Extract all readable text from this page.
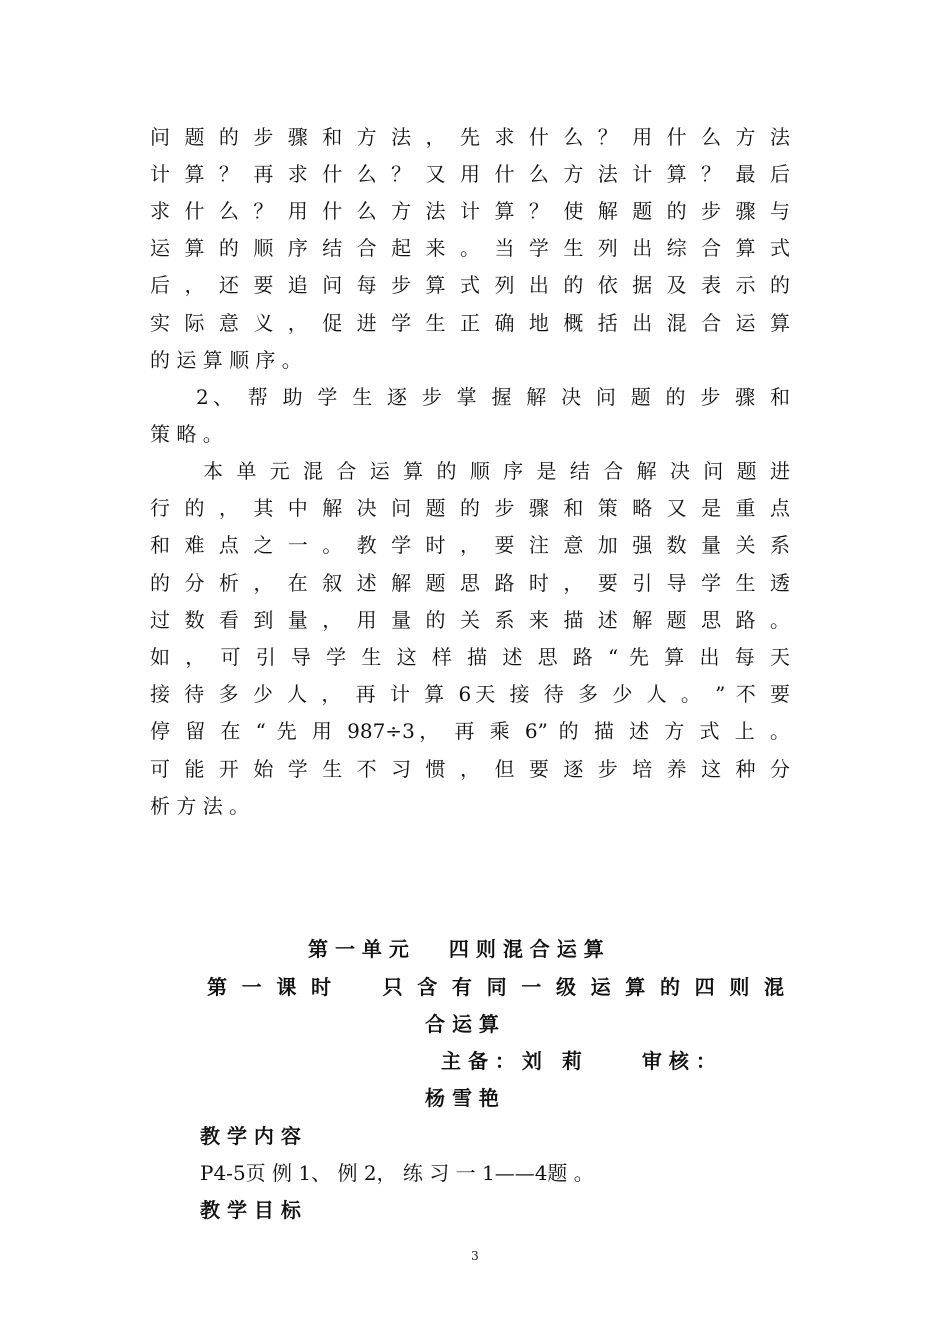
问 题 的 步 骤 和 方 法 ， 先 求 什 么 ？ 用 什 么 方 法
计 算 ？ 再 求 什 么 ？ 又 用 什 么 方 法 计 算 ？ 最 后
求 什 么 ？ 用 什 么 方 法 计 算 ？ 使 解 题 的 步 骤 与
运 算 的 顺 序 结 合 起 来 。 当 学 生 列 出 综 合 算 式
后 ， 还 要 追 问 每 步 算 式 列 出 的 依 据 及 表 示 的
实 际 意 义 ， 促 进 学 生 正 确 地 概 括 出 混 合 运 算
的 运 算 顺 序 。
2、 帮 助 学 生 逐 步 掌 握 解 决 问 题 的 步 骤 和
策 略 。
本 单 元 混 合 运 算 的 顺 序 是 结 合 解 决 问 题 进
行 的 ， 其 中 解 决 问 题 的 步 骤 和 策 略 又 是 重 点
和 难 点 之 一 。 教 学 时 ， 要 注 意 加 强 数 量 关 系
的 分 析 ， 在 叙 述 解 题 思 路 时 ， 要 引 导 学 生 透
过 数 看 到 量 ， 用 量 的 关 系 来 描 述 解 题 思 路 。
如 ， 可 引 导 学 生 这 样 描 述 思 路 “ 先 算 出 每 天
接 待 多 少 人 ， 再 计 算 6天 接 待 多 少 人 。 ” 不 要
停 留 在 “ 先 用 987÷3， 再 乘 6” 的 描 述 方 式 上 。
可 能 开 始 学 生 不 习 惯 ， 但 要 逐 步 培 养 这 种 分
析 方 法 。
第 一 单 元　　四 则 混 合 运 算
第 一 课 时　　只 含 有 同 一 级 运 算 的 四 则 混
合 运 算
主 备 ： 刘　莉　　　审 核 ：
杨 雪 艳
教 学 内 容
P4-5页 例 1、 例 2， 练 习 一 1——4题 。
教 学 目 标
3
